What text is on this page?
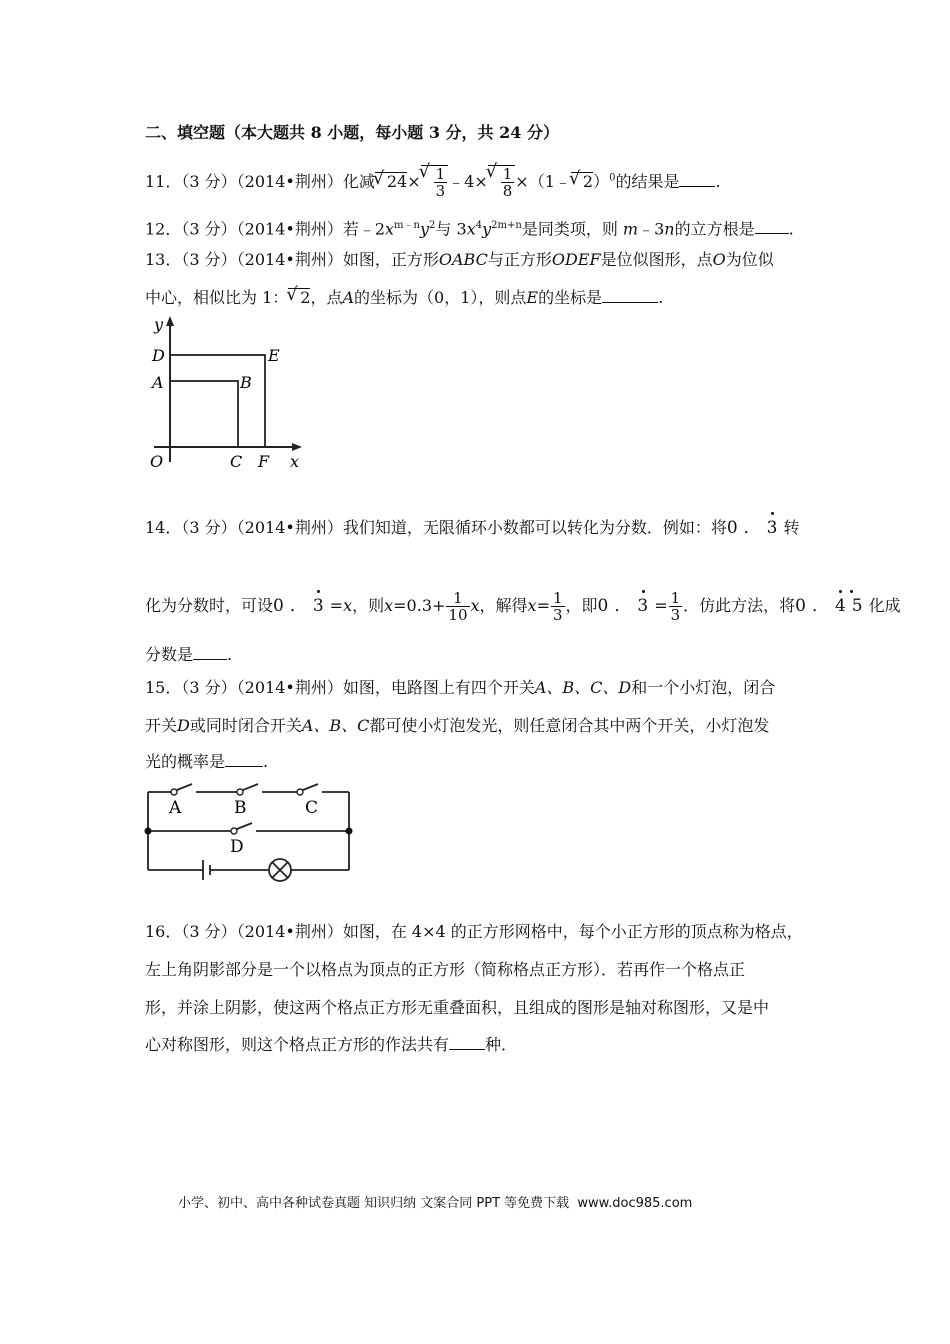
二、填空题（本大题共 8 小题，每小题 3 分，共 24 分）
11．（3 分）（2014•荆州）化减 √ 24× √ $\frac{1}{3}$ ﹣4× √ $\frac{1}{8}$ ×（1﹣ √ 2）$^0$的结果是 .
12．（3 分）（2014•荆州）若$﹣2x^{m﹣n}y^2$与 $3x^4y^{2m+n}$是同类项，则 m﹣3n的立方根是 .
13．（3 分）（2014•荆州）如图，正方形OABC与正方形ODEF是位似图形，点O为位似
中心，相似比为 1： √ 2，点A的坐标为（0，1），则点E的坐标是	.
y
D	E
A	B
O	C F x
14．（3 分）（2014•荆州）我们知道，无限循环小数都可以转化为分数．例如：将0．3
转
化为分数时，可设0．3
=x，则$x=0.3+ \frac{1}{10}$ x，解得$x= \frac{1}{3}$ ，即0．3
= $\frac{1}{3}$ ．仿此方法，将0．45
化成
分数是 .
15．（3 分）（2014•荆州）如图，电路图上有四个开关A、B、C、D和一个小灯泡，闭合
开关D或同时闭合开关A、B、C都可使小灯泡发光，则任意闭合其中两个开关，小灯泡发
光的概率是 .
A	B	C
D
16．（3 分）（2014•荆州）如图，在 4×4 的正方形网格中，每个小正方形的顶点称为格点，
左上角阴影部分是一个以格点为顶点的正方形（简称格点正方形）．若再作一个格点正
形，并涂上阴影，使这两个格点正方形无重叠面积，且组成的图形是轴对称图形，又是中
心对称图形，则这个格点正方形的作法共有 种．
小学、初中、高中各种试卷真题 知识归纳 文案合同 PPT 等免费下载 www.doc985.com
